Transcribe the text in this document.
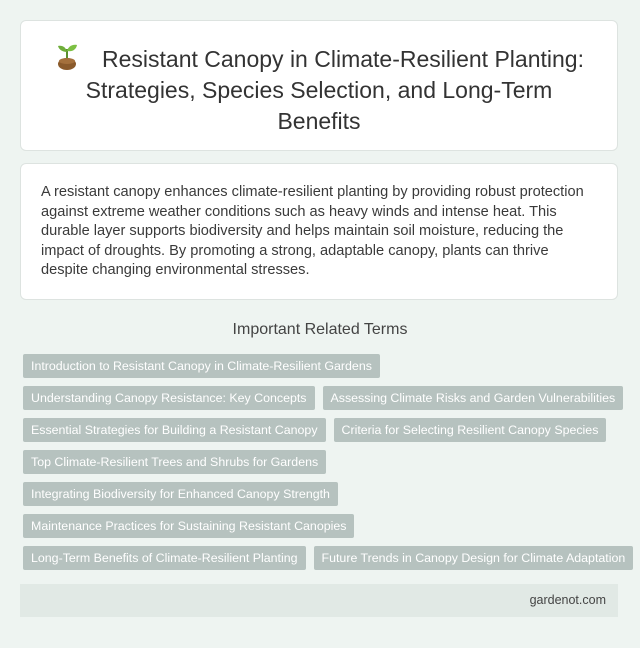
Resistant Canopy in Climate-Resilient Planting: Strategies, Species Selection, and Long-Term Benefits

A resistant canopy enhances climate-resilient planting by providing robust protection against extreme weather conditions such as heavy winds and intense heat. This durable layer supports biodiversity and helps maintain soil moisture, reducing the impact of droughts. By promoting a strong, adaptable canopy, plants can thrive despite changing environmental stresses.

Important Related Terms
Introduction to Resistant Canopy in Climate-Resilient Gardens
Understanding Canopy Resistance: Key Concepts	Assessing Climate Risks and Garden Vulnerabilities
Essential Strategies for Building a Resistant Canopy	Criteria for Selecting Resilient Canopy Species
Top Climate-Resilient Trees and Shrubs for Gardens
Integrating Biodiversity for Enhanced Canopy Strength
Maintenance Practices for Sustaining Resistant Canopies
Long-Term Benefits of Climate-Resilient Planting	Future Trends in Canopy Design for Climate Adaptation
gardenot.com
